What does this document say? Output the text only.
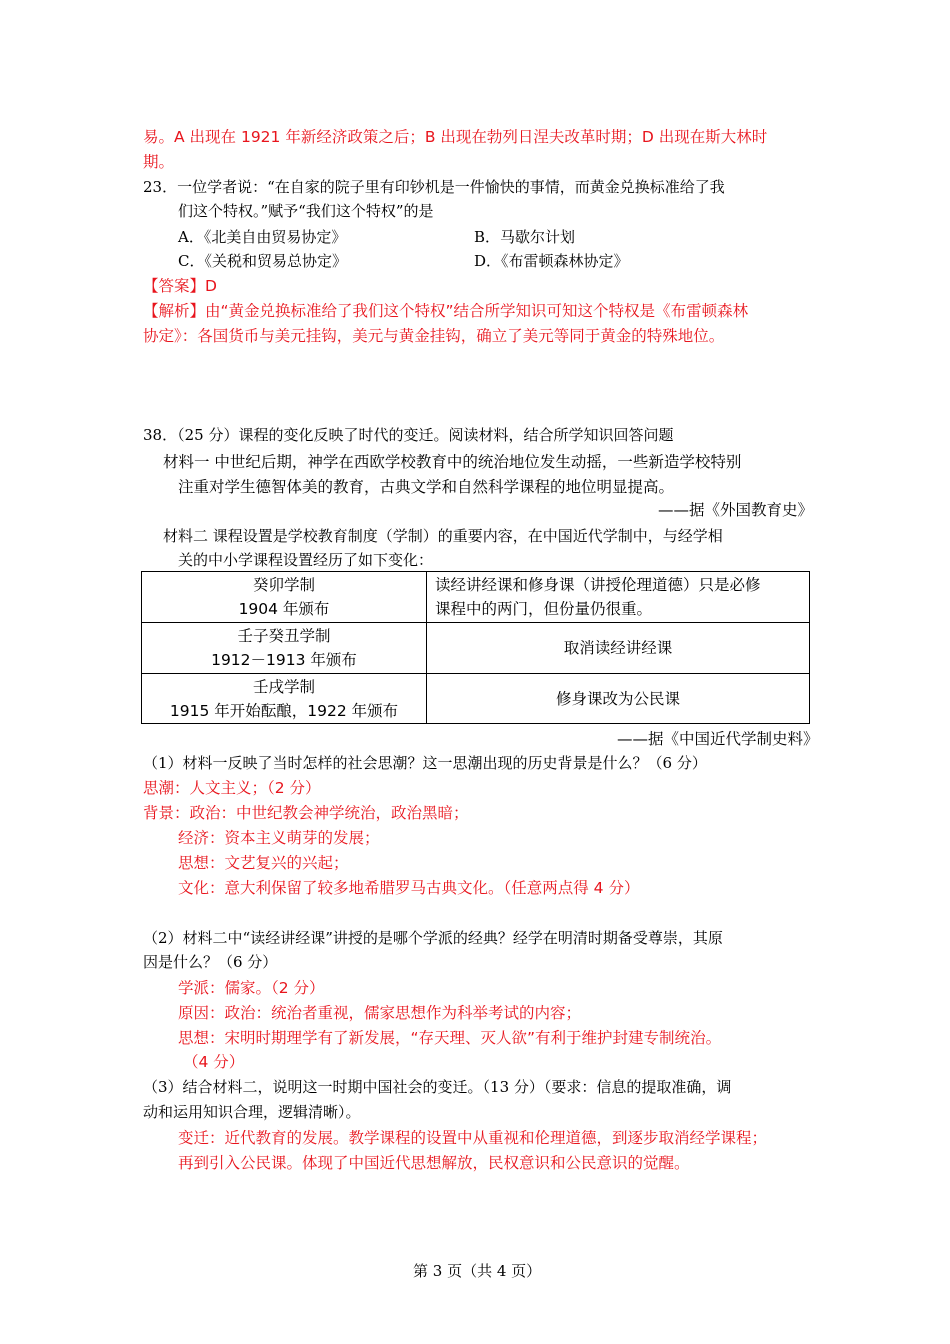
易。A 出现在 1921 年新经济政策之后；B 出现在勃列日涅夫改革时期；D 出现在斯大林时
期。
23．一位学者说：“在自家的院子里有印钞机是一件愉快的事情，而黄金兑换标准给了我
们这个特权。”赋予“我们这个特权”的是
A．《北美自由贸易协定》	B．马歇尔计划
C．《关税和贸易总协定》	D．《布雷顿森林协定》
【答案】D
【解析】由“黄金兑换标准给了我们这个特权”结合所学知识可知这个特权是《布雷顿森林
协定》：各国货币与美元挂钩，美元与黄金挂钩，确立了美元等同于黄金的特殊地位。
38．（25 分）课程的变化反映了时代的变迁。阅读材料，结合所学知识回答问题
材料一 中世纪后期，神学在西欧学校教育中的统治地位发生动摇，一些新造学校特别
注重对学生德智体美的教育，古典文学和自然科学课程的地位明显提高。
——据《外国教育史》
材料二 课程设置是学校教育制度（学制）的重要内容，在中国近代学制中，与经学相
关的中小学课程设置经历了如下变化：
癸卯学制
1904 年颁布	读经讲经课和修身课（讲授伦理道德）只是必修
课程中的两门，但份量仍很重。

壬子癸丑学制
1912－1913 年颁布	取消读经讲经课

壬戌学制
1915 年开始酝酿，1922 年颁布	修身课改为公民课
——据《中国近代学制史料》
（1）材料一反映了当时怎样的社会思潮？这一思潮出现的历史背景是什么？（6 分）
思潮：人文主义；（2 分）
背景：政治：中世纪教会神学统治，政治黑暗；
经济：资本主义萌芽的发展；
思想：文艺复兴的兴起；
文化：意大利保留了较多地希腊罗马古典文化。（任意两点得 4 分）
（2）材料二中“读经讲经课”讲授的是哪个学派的经典？经学在明清时期备受尊崇，其原
因是什么？（6 分）
学派：儒家。（2 分）
原因：政治：统治者重视，儒家思想作为科举考试的内容；
思想：宋明时期理学有了新发展，“存天理、灭人欲”有利于维护封建专制统治。
（4 分）
（3）结合材料二，说明这一时期中国社会的变迁。（13 分）（要求：信息的提取准确，调
动和运用知识合理，逻辑清晰）。
变迁：近代教育的发展。教学课程的设置中从重视和伦理道德，到逐步取消经学课程；
再到引入公民课。体现了中国近代思想解放，民权意识和公民意识的觉醒。
第 3 页（共 4 页）
